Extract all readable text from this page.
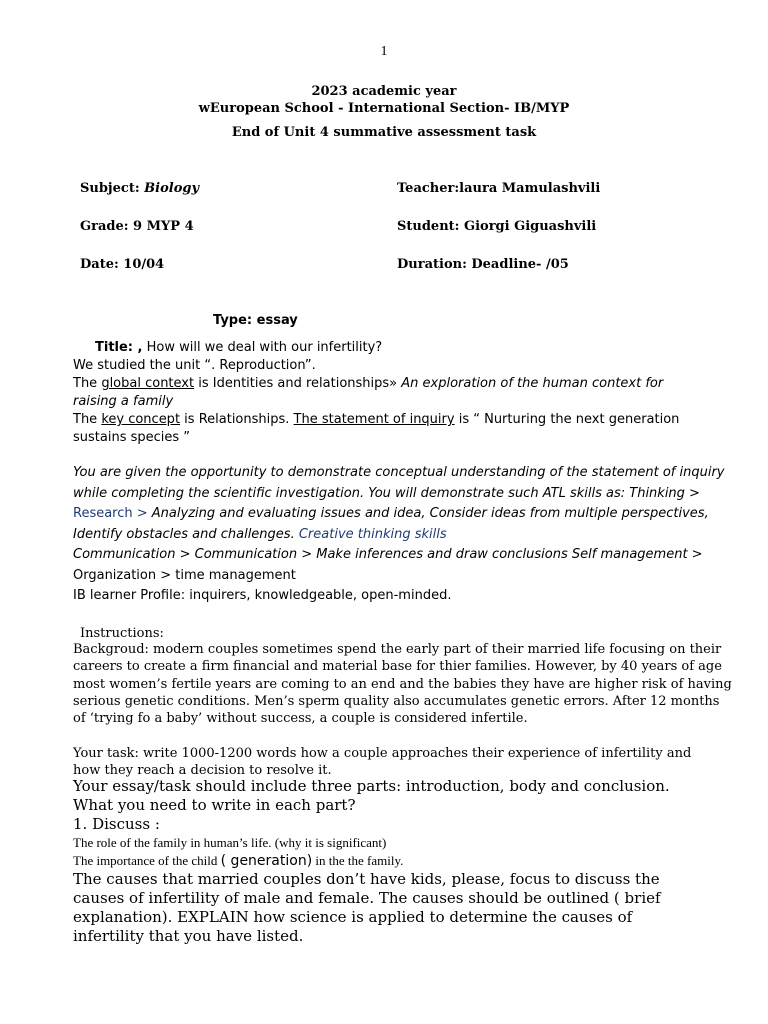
1
2023 academic year
wEuropean School - International Section- IB/MYP
End of Unit 4 summative assessment task
Subject: Biology	Teacher:laura Mamulashvili
Grade: 9 MYP 4	Student: Giorgi Giguashvili
Date: 10/04	Duration: Deadline- /05
Type: essay
Title: , How will we deal with our infertility?
We studied the unit “. Reproduction”.
The global context is Identities and relationships» An exploration of the human context for
raising a family
The key concept is Relationships. The statement of inquiry is “ Nurturing the next generation
sustains species ”
You are given the opportunity to demonstrate conceptual understanding of the statement of inquiry
while completing the scientific investigation. You will demonstrate such ATL skills as: Thinking >
Research > Analyzing and evaluating issues and idea, Consider ideas from multiple perspectives,
Identify obstacles and challenges. Creative thinking skills
Communication > Communication > Make inferences and draw conclusions Self management >
Organization > time management
IB learner Profile: inquirers, knowledgeable, open-minded.
Instructions:
Backgroud: modern couples sometimes spend the early part of their married life focusing on their
careers to create a firm financial and material base for thier families. However, by 40 years of age
most women’s fertile years are coming to an end and the babies they have are higher risk of having
serious genetic conditions. Men’s sperm quality also accumulates genetic errors. After 12 months
of ‘trying fo a baby’ without success, a couple is considered infertile.
Your task: write 1000-1200 words how a couple approaches their experience of infertility and
how they reach a decision to resolve it.
Your essay/task should include three parts: introduction, body and conclusion.
What you need to write in each part?
1. Discuss :
The role of the family in human’s life. (why it is significant)
The importance of the child ( generation) in the the family.
The causes that married couples don’t have kids, please, focus to discuss the
causes of infertility of male and female. The causes should be outlined ( brief
explanation). EXPLAIN how science is applied to determine the causes of
infertility that you have listed.
